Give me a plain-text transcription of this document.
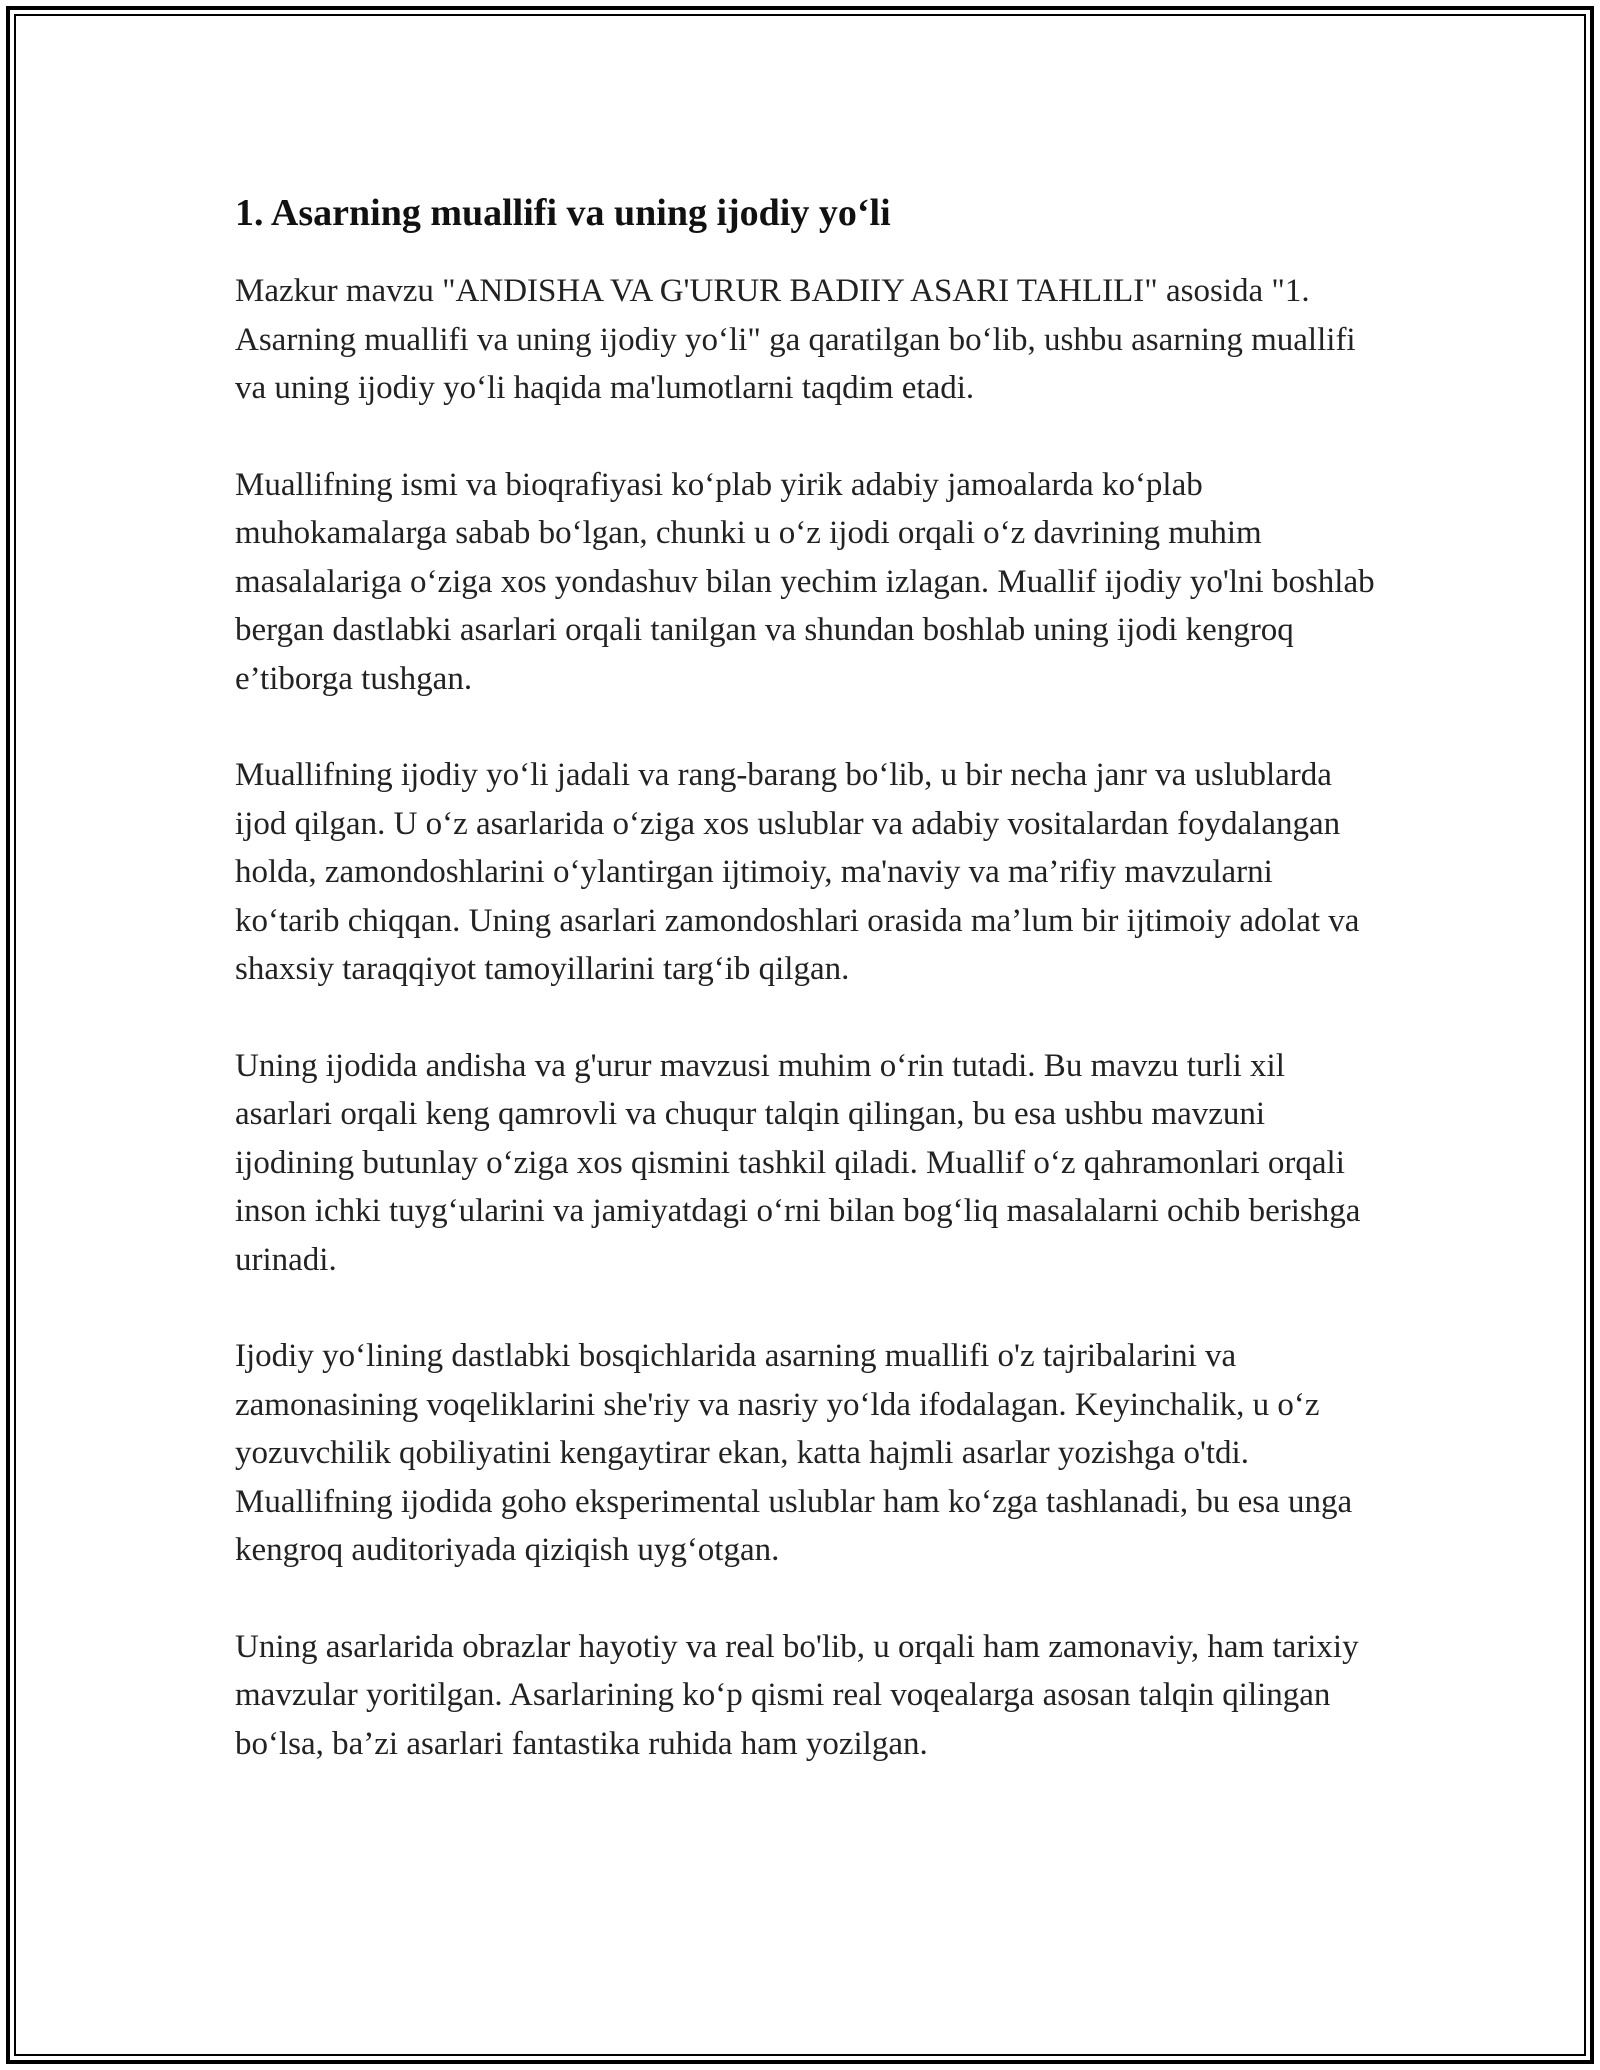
1. Asarning muallifi va uning ijodiy yo‘li

Mazkur mavzu "ANDISHA VA G'URUR BADIIY ASARI TAHLILI" asosida "1. Asarning muallifi va uning ijodiy yo‘li" ga qaratilgan bo‘lib, ushbu asarning muallifi va uning ijodiy yo‘li haqida ma'lumotlarni taqdim etadi.

Muallifning ismi va bioqrafiyasi ko‘plab yirik adabiy jamoalarda ko‘plab muhokamalarga sabab bo‘lgan, chunki u o‘z ijodi orqali o‘z davrining muhim masalalariga o‘ziga xos yondashuv bilan yechim izlagan. Muallif ijodiy yo'lni boshlab bergan dastlabki asarlari orqali tanilgan va shundan boshlab uning ijodi kengroq e’tiborga tushgan.

Muallifning ijodiy yo‘li jadali va rang-barang bo‘lib, u bir necha janr va uslublarda ijod qilgan. U o‘z asarlarida o‘ziga xos uslublar va adabiy vositalardan foydalangan holda, zamondoshlarini o‘ylantirgan ijtimoiy, ma'naviy va ma’rifiy mavzularni ko‘tarib chiqqan. Uning asarlari zamondoshlari orasida ma’lum bir ijtimoiy adolat va shaxsiy taraqqiyot tamoyillarini targ‘ib qilgan.

Uning ijodida andisha va g'urur mavzusi muhim o‘rin tutadi. Bu mavzu turli xil asarlari orqali keng qamrovli va chuqur talqin qilingan, bu esa ushbu mavzuni ijodining butunlay o‘ziga xos qismini tashkil qiladi. Muallif o‘z qahramonlari orqali inson ichki tuyg‘ularini va jamiyatdagi o‘rni bilan bog‘liq masalalarni ochib berishga urinadi.

Ijodiy yo‘lining dastlabki bosqichlarida asarning muallifi o'z tajribalarini va zamonasining voqeliklarini she'riy va nasriy yo‘lda ifodalagan. Keyinchalik, u o‘z yozuvchilik qobiliyatini kengaytirar ekan, katta hajmli asarlar yozishga o'tdi. Muallifning ijodida goho eksperimental uslublar ham ko‘zga tashlanadi, bu esa unga kengroq auditoriyada qiziqish uyg‘otgan.

Uning asarlarida obrazlar hayotiy va real bo'lib, u orqali ham zamonaviy, ham tarixiy mavzular yoritilgan. Asarlarining ko‘p qismi real voqealarga asosan talqin qilingan bo‘lsa, ba’zi asarlari fantastika ruhida ham yozilgan.
